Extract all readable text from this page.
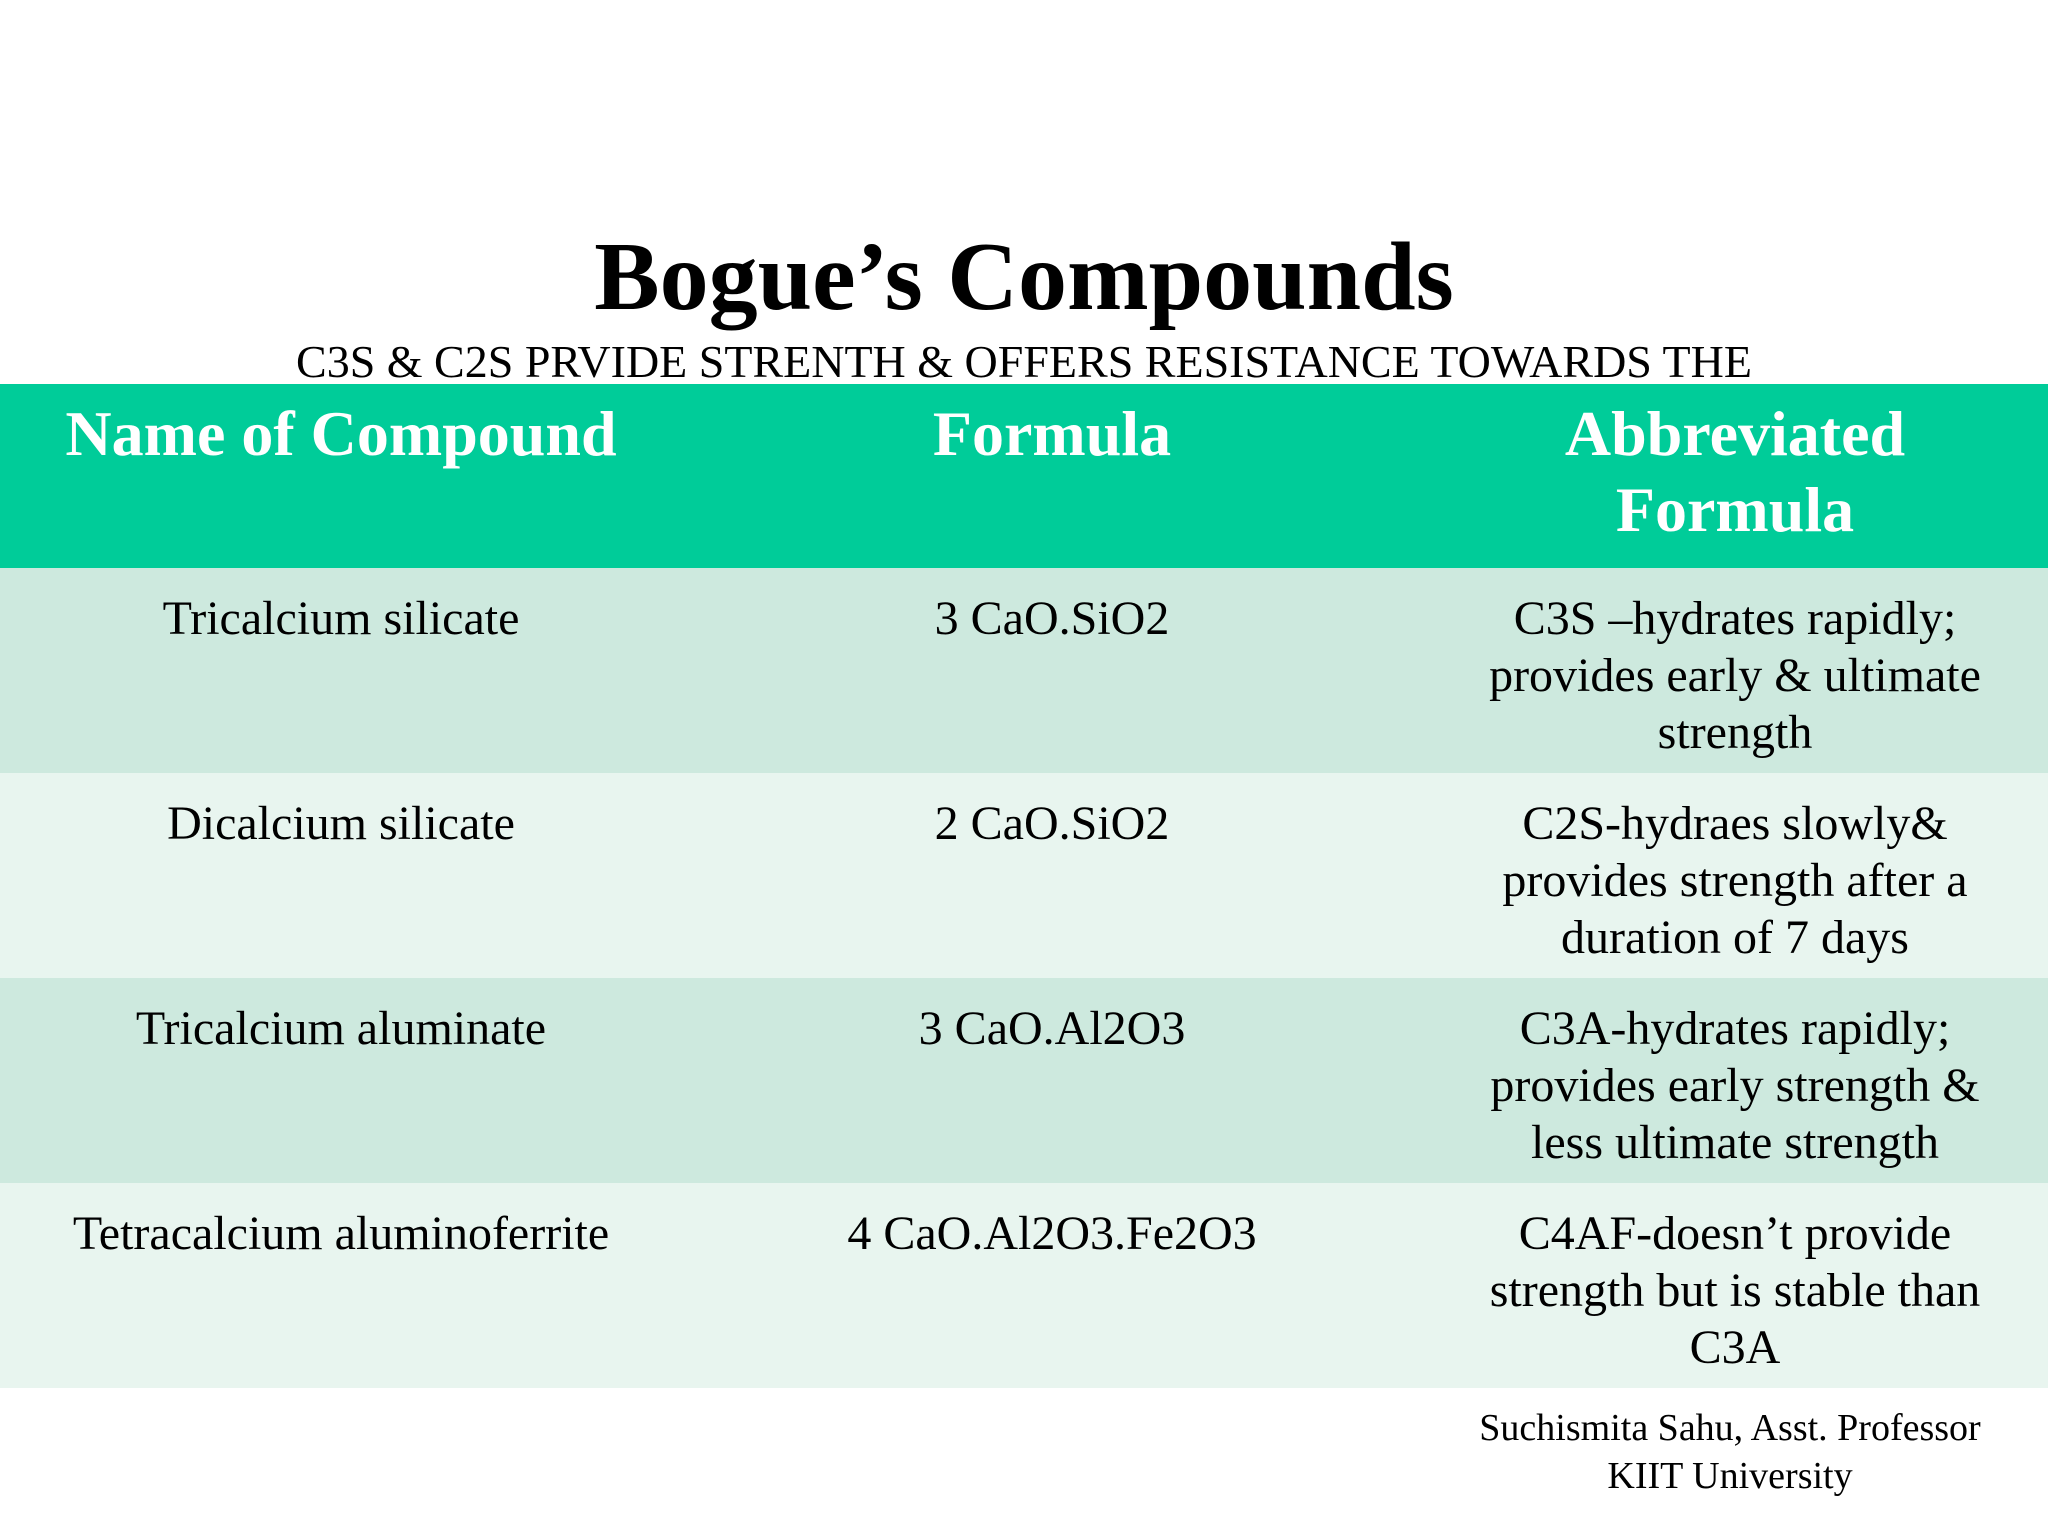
Bogue’s Compounds
C3S & C2S PRVIDE STRENTH & OFFERS RESISTANCE TOWARDS THE
Name of Compound	Formula	Abbreviated
Formula

Tricalcium silicate	3 CaO.SiO2	C3S –hydrates rapidly;
provides early & ultimate
strength

Dicalcium silicate	2 CaO.SiO2	C2S-hydraes slowly&
provides strength after a
duration of 7 days

Tricalcium aluminate	3 CaO.Al2O3	C3A-hydrates rapidly;
provides early strength &
less ultimate strength

Tetracalcium aluminoferrite	4 CaO.Al2O3.Fe2O3	C4AF-doesn’t provide
strength but is stable than
C3A
Suchismita Sahu, Asst. Professor
KIIT University
